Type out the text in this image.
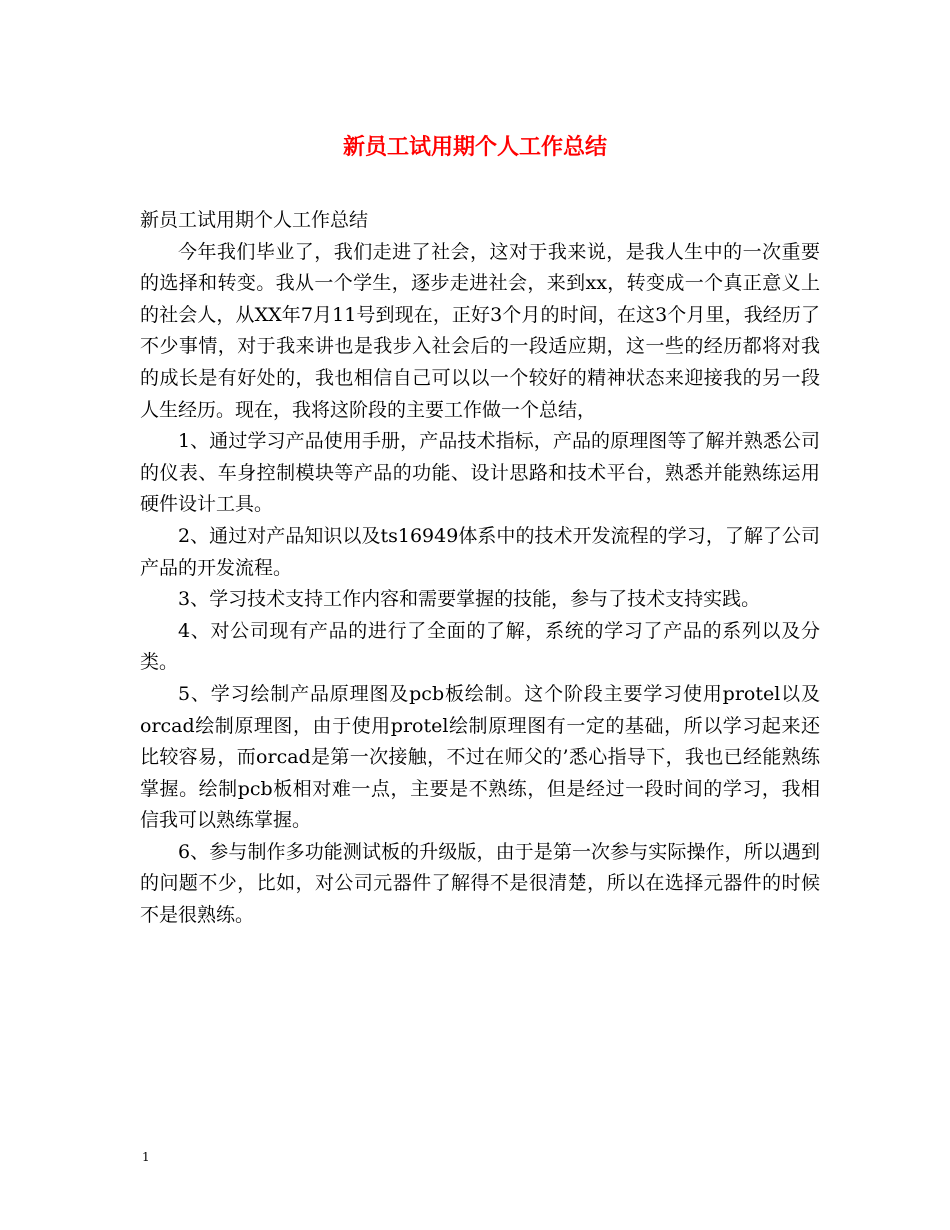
新员工试用期个人工作总结

新员工试用期个人工作总结

今年我们毕业了，我们走进了社会，这对于我来说，是我人生中的一次重要的选择和转变。我从一个学生，逐步走进社会，来到xx，转变成一个真正意义上的社会人，从XX年7月11号到现在，正好3个月的时间，在这3个月里，我经历了不少事情，对于我来讲也是我步入社会后的一段适应期，这一些的经历都将对我的成长是有好处的，我也相信自己可以以一个较好的精神状态来迎接我的另一段人生经历。现在，我将这阶段的主要工作做一个总结，

1、通过学习产品使用手册，产品技术指标，产品的原理图等了解并熟悉公司的仪表、车身控制模块等产品的功能、设计思路和技术平台，熟悉并能熟练运用硬件设计工具。

2、通过对产品知识以及ts16949体系中的技术开发流程的学习，了解了公司产品的开发流程。

3、学习技术支持工作内容和需要掌握的技能，参与了技术支持实践。

4、对公司现有产品的进行了全面的了解，系统的学习了产品的系列以及分类。

5、学习绘制产品原理图及pcb板绘制。这个阶段主要学习使用protel以及orcad绘制原理图，由于使用protel绘制原理图有一定的基础，所以学习起来还比较容易，而orcad是第一次接触，不过在师父的’悉心指导下，我也已经能熟练掌握。绘制pcb板相对难一点，主要是不熟练，但是经过一段时间的学习，我相信我可以熟练掌握。

6、参与制作多功能测试板的升级版，由于是第一次参与实际操作，所以遇到的问题不少，比如，对公司元器件了解得不是很清楚，所以在选择元器件的时候不是很熟练。

1
